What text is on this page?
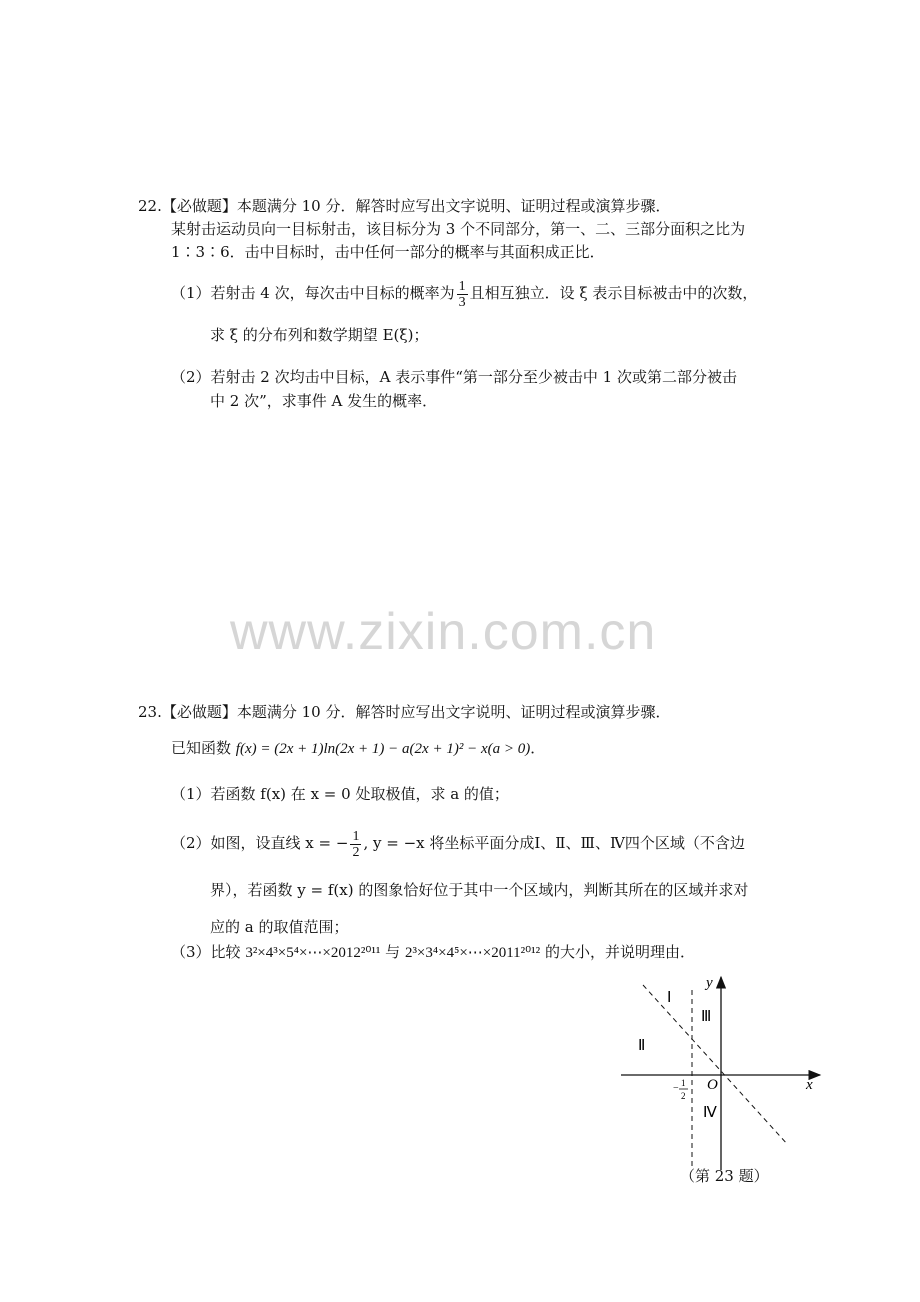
22.【必做题】本题满分 10 分．解答时应写出文字说明、证明过程或演算步骤．
某射击运动员向一目标射击，该目标分为 3 个不同部分，第一、二、三部分面积之比为
1∶3∶6．击中目标时，击中任何一部分的概率与其面积成正比．
（1）若射击 4 次，每次击中目标的概率为 $\frac{1}{3}$ 且相互独立．设 ξ 表示目标被击中的次数，
求 ξ 的分布列和数学期望 E(ξ)；
（2）若射击 2 次均击中目标，A 表示事件“第一部分至少被击中 1 次或第二部分被击
中 2 次”，求事件 A 发生的概率．
www.zixin.com.cn
23.【必做题】本题满分 10 分．解答时应写出文字说明、证明过程或演算步骤．
已知函数 f(x) = (2x + 1)ln(2x + 1) − a(2x + 1)² − x(a > 0)．
（1）若函数 f(x) 在 x = 0 处取极值，求 a 的值；
（2）如图，设直线 x = − $\frac{1}{2}$ , y = −x 将坐标平面分成Ⅰ、Ⅱ、Ⅲ、Ⅳ四个区域（不含边
界），若函数 y = f(x) 的图象恰好位于其中一个区域内，判断其所在的区域并求对
应的 a 的取值范围；
（3）比较 3²×4³×5⁴×⋯×2012²⁰¹¹ 与 2³×3⁴×4⁵×⋯×2011²⁰¹² 的大小，并说明理由．
y
x
O
− 1
2
Ⅰ
Ⅲ
Ⅱ
Ⅳ
（第 23 题）
